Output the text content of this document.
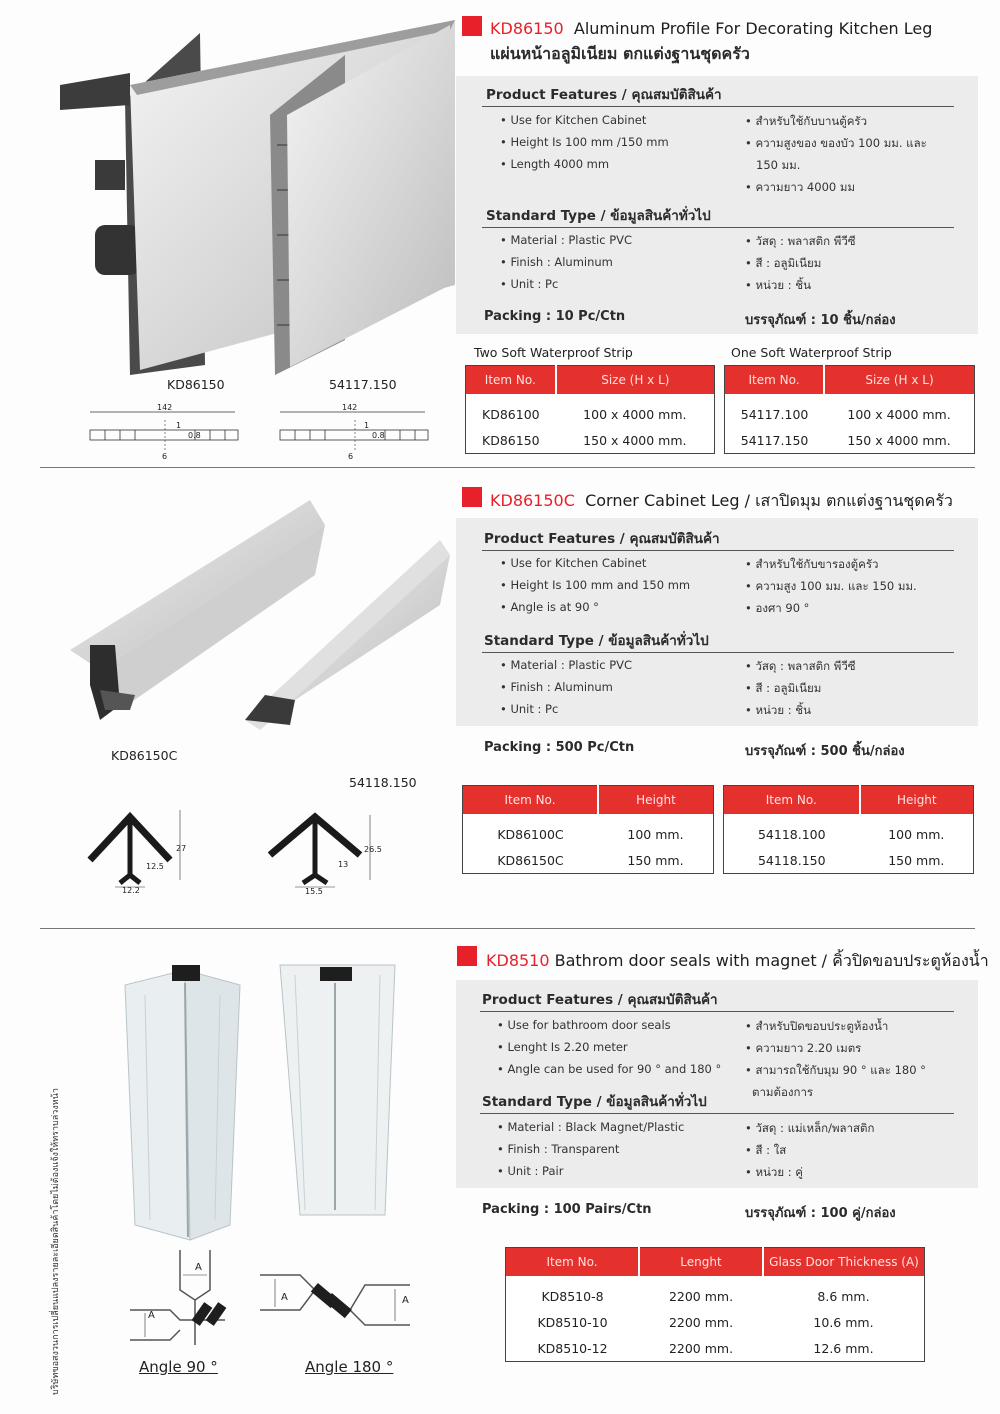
KD86150	54117.150
142
1
0.8
6
142
1
0.8
6
KD86150 Aluminum Profile For Decorating Kitchen Leg
แผ่นหน้าอลูมิเนียม ตกแต่งฐานชุดครัว
Product Features / คุณสมบัติสินค้า
• Use for Kitchen Cabinet
• Height Is 100 mm /150 mm
• Length 4000 mm
• สำหรับใช้กับบานตู้ครัว
• ความสูงของ ของบัว 100 มม. และ
150 มม.
• ความยาว 4000 มม
Standard Type / ข้อมูลสินค้าทั่วไป
• Material : Plastic PVC
• Finish : Aluminum
• Unit : Pc
• วัสดุ : พลาสติก พีวีซี
• สี : อลูมิเนียม
• หน่วย : ชิ้น
Packing : 10 Pc/Ctn	บรรจุภัณฑ์ : 10 ชิ้น/กล่อง
Two Soft Waterproof Strip	One Soft Waterproof Strip
Item No.	Size (H x L)
KD86100	100 x 4000 mm.
KD86150	150 x 4000 mm.
Item No.	Size (H x L)
54117.100	100 x 4000 mm.
54117.150	150 x 4000 mm.
KD86150C
54118.150
27
12.5
12.2
26.5
13
15.5
KD86150C Corner Cabinet Leg / เสาปิดมุม ตกแต่งฐานชุดครัว
Product Features / คุณสมบัติสินค้า
• Use for Kitchen Cabinet
• Height Is 100 mm and 150 mm
• Angle is at 90 °
• สำหรับใช้กับขารองตู้ครัว
• ความสูง 100 มม. และ 150 มม.
• องศา 90 °
Standard Type / ข้อมูลสินค้าทั่วไป
• Material : Plastic PVC
• Finish : Aluminum
• Unit : Pc
• วัสดุ : พลาสติก พีวีซี
• สี : อลูมิเนียม
• หน่วย : ชิ้น
Packing : 500 Pc/Ctn	บรรจุภัณฑ์ : 500 ชิ้น/กล่อง
Item No.	Height
KD86100C	100 mm.
KD86150C	150 mm.
Item No.	Height
54118.100	100 mm.
54118.150	150 mm.
A
A
A	A
Angle 90 °	Angle 180 °
KD8510 Bathrom door seals with magnet / คิ้วปิดขอบประตูห้องน้ำ
Product Features / คุณสมบัติสินค้า
• Use for bathroom door seals
• Lenght Is 2.20 meter
• Angle can be used for 90 ° and 180 °
• สำหรับปิดขอบประตูห้องน้ำ
• ความยาว 2.20 เมตร
• สามารถใช้กับมุม 90 ° และ 180 °
ตามต้องการ
Standard Type / ข้อมูลสินค้าทั่วไป
• Material : Black Magnet/Plastic
• Finish : Transparent
• Unit : Pair
• วัสดุ : แม่เหล็ก/พลาสติก
• สี : ใส
• หน่วย : คู่
Packing : 100 Pairs/Ctn	บรรจุภัณฑ์ : 100 คู่/กล่อง
Item No.	Lenght	Glass Door Thickness (A)
KD8510-8	2200 mm.	8.6 mm.
KD8510-10	2200 mm.	10.6 mm.
KD8510-12	2200 mm.	12.6 mm.
บริษัทขอสงวนการเปลี่ยนแปลงรายละเอียดสินค้าโดยไม่ต้องแจ้งให้ทราบล่วงหน้า
